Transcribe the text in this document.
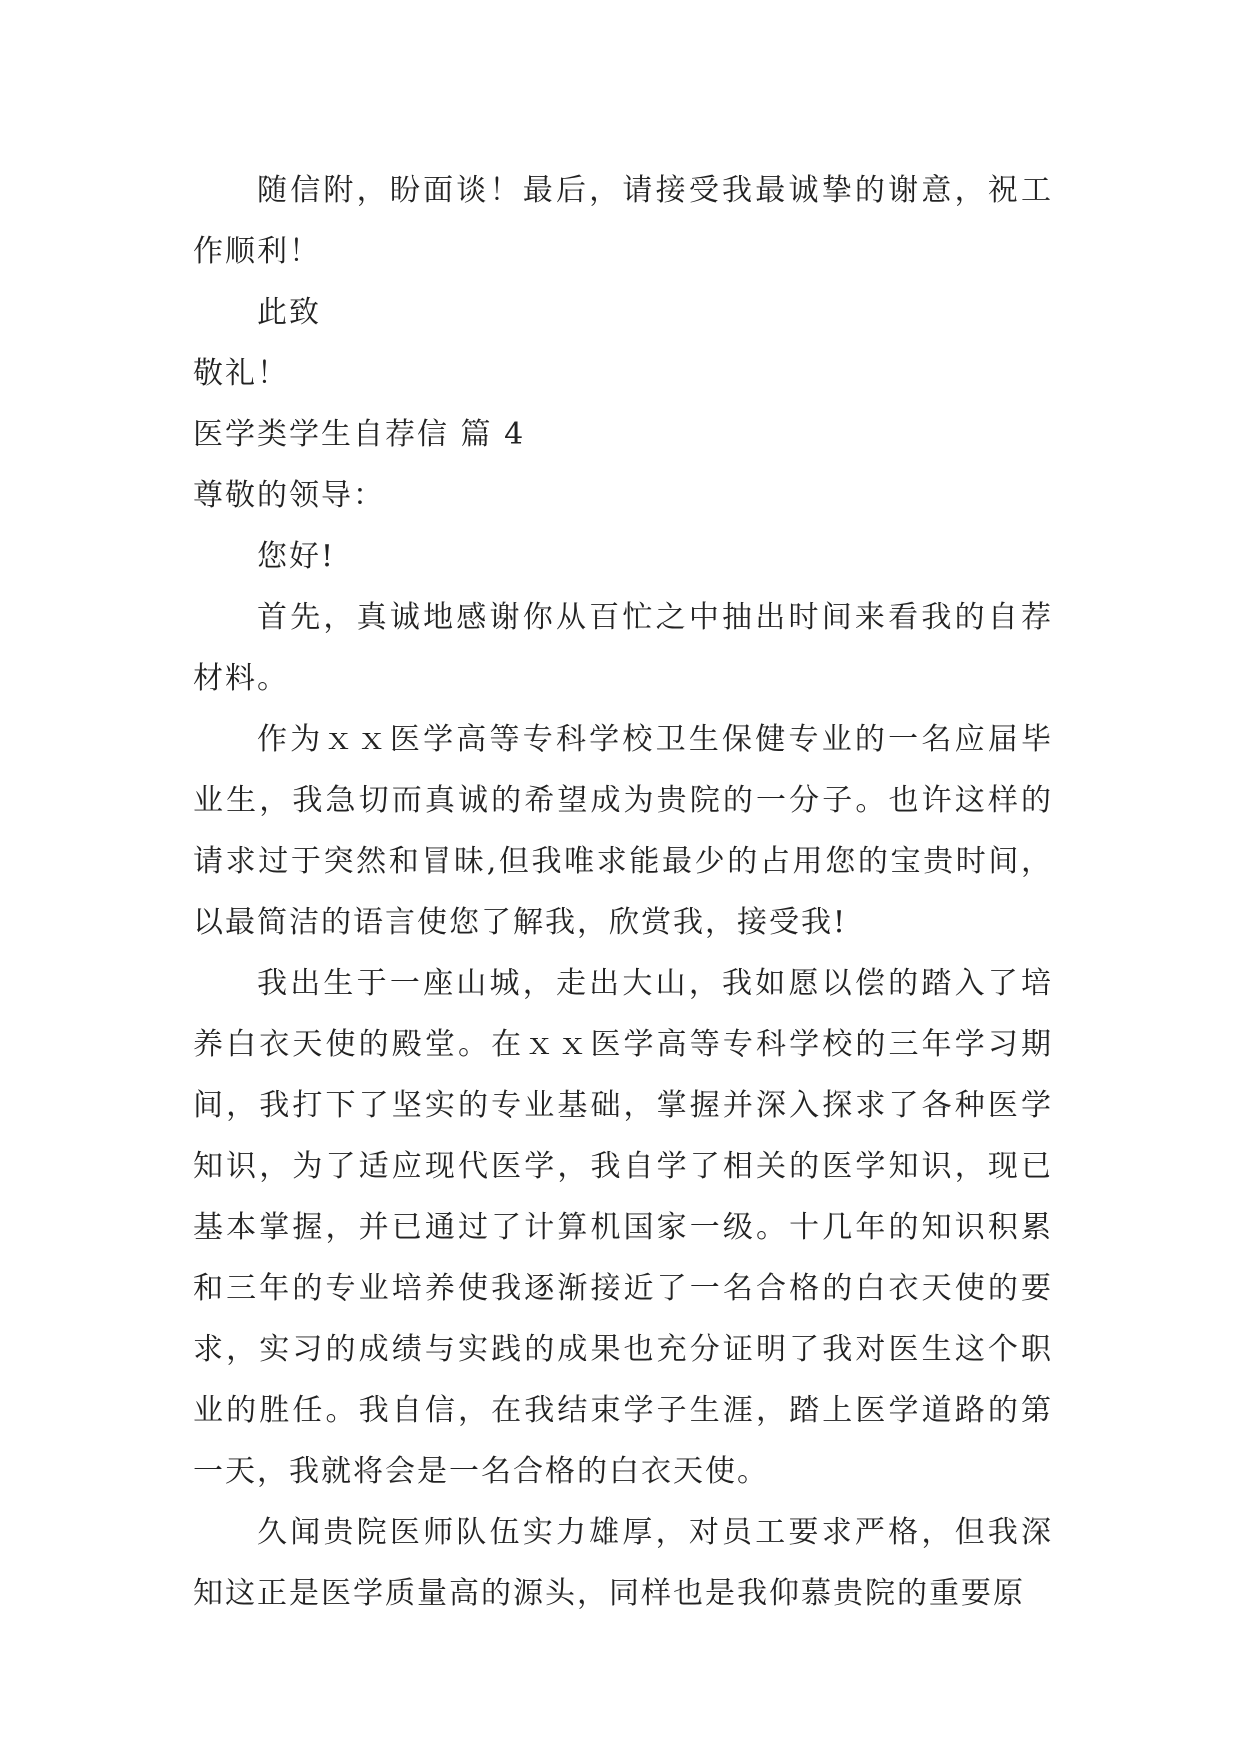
随信附，盼面谈！最后，请接受我最诚挚的谢意，祝工作顺利！

此致

敬礼！

医学类学生自荐信 篇 4

尊敬的领导：

您好!

首先，真诚地感谢你从百忙之中抽出时间来看我的自荐材料。

作为ｘｘ医学高等专科学校卫生保健专业的一名应届毕业生，我急切而真诚的希望成为贵院的一分子。也许这样的请求过于突然和冒昧,但我唯求能最少的占用您的宝贵时间，以最简洁的语言使您了解我，欣赏我，接受我!

我出生于一座山城，走出大山，我如愿以偿的踏入了培养白衣天使的殿堂。在ｘｘ医学高等专科学校的三年学习期间，我打下了坚实的专业基础，掌握并深入探求了各种医学知识，为了适应现代医学，我自学了相关的医学知识，现已基本掌握，并已通过了计算机国家一级。十几年的知识积累和三年的专业培养使我逐渐接近了一名合格的白衣天使的要求，实习的成绩与实践的成果也充分证明了我对医生这个职业的胜任。我自信，在我结束学子生涯，踏上医学道路的第一天，我就将会是一名合格的白衣天使。

久闻贵院医师队伍实力雄厚，对员工要求严格，但我深知这正是医学质量高的源头，同样也是我仰慕贵院的重要原
